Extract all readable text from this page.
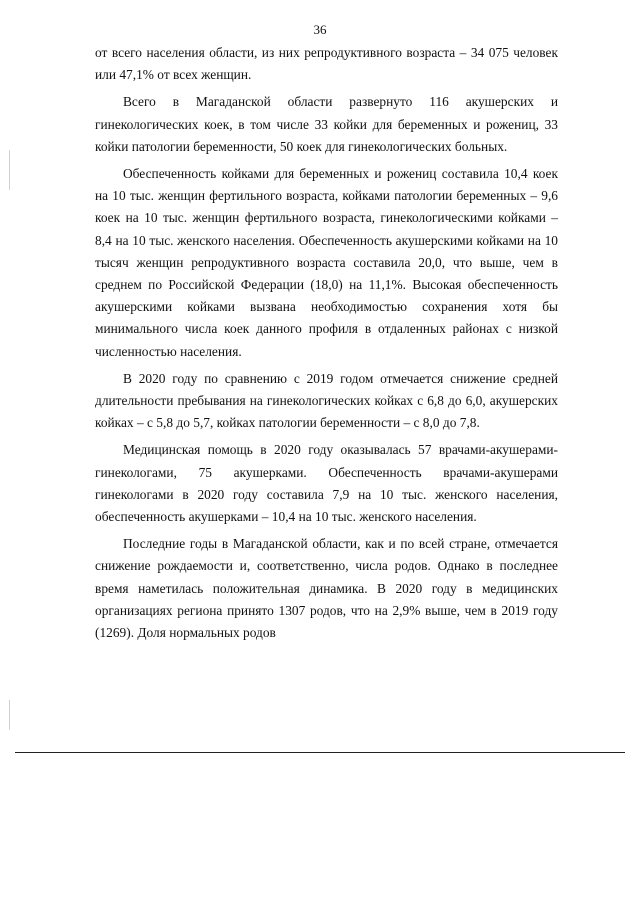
36

от всего населения области, из них репродуктивного возраста – 34 075 человек или 47,1% от всех женщин.

Всего в Магаданской области развернуто 116 акушерских и гинекологических коек, в том числе 33 койки для беременных и рожениц, 33 койки патологии беременности, 50 коек для гинекологических больных.

Обеспеченность койками для беременных и рожениц составила 10,4 коек на 10 тыс. женщин фертильного возраста, койками патологии беременных – 9,6 коек на 10 тыс. женщин фертильного возраста, гинекологическими койками – 8,4 на 10 тыс. женского населения. Обеспеченность акушерскими койками на 10 тысяч женщин репродуктивного возраста составила 20,0, что выше, чем в среднем по Российской Федерации (18,0) на 11,1%. Высокая обеспеченность акушерскими койками вызвана необходимостью сохранения хотя бы минимального числа коек данного профиля в отдаленных районах с низкой численностью населения.

В 2020 году по сравнению с 2019 годом отмечается снижение средней длительности пребывания на гинекологических койках с 6,8 до 6,0, акушерских койках – с 5,8 до 5,7, койках патологии беременности – с 8,0 до 7,8.

Медицинская помощь в 2020 году оказывалась 57 врачами-акушерами-гинекологами, 75 акушерками. Обеспеченность врачами-акушерами гинекологами в 2020 году составила 7,9 на 10 тыс. женского населения, обеспеченность акушерками – 10,4 на 10 тыс. женского населения.

Последние годы в Магаданской области, как и по всей стране, отмечается снижение рождаемости и, соответственно, числа родов. Однако в последнее время наметилась положительная динамика. В 2020 году в медицинских организациях региона принято 1307 родов, что на 2,9% выше, чем в 2019 году (1269). Доля нормальных родов
